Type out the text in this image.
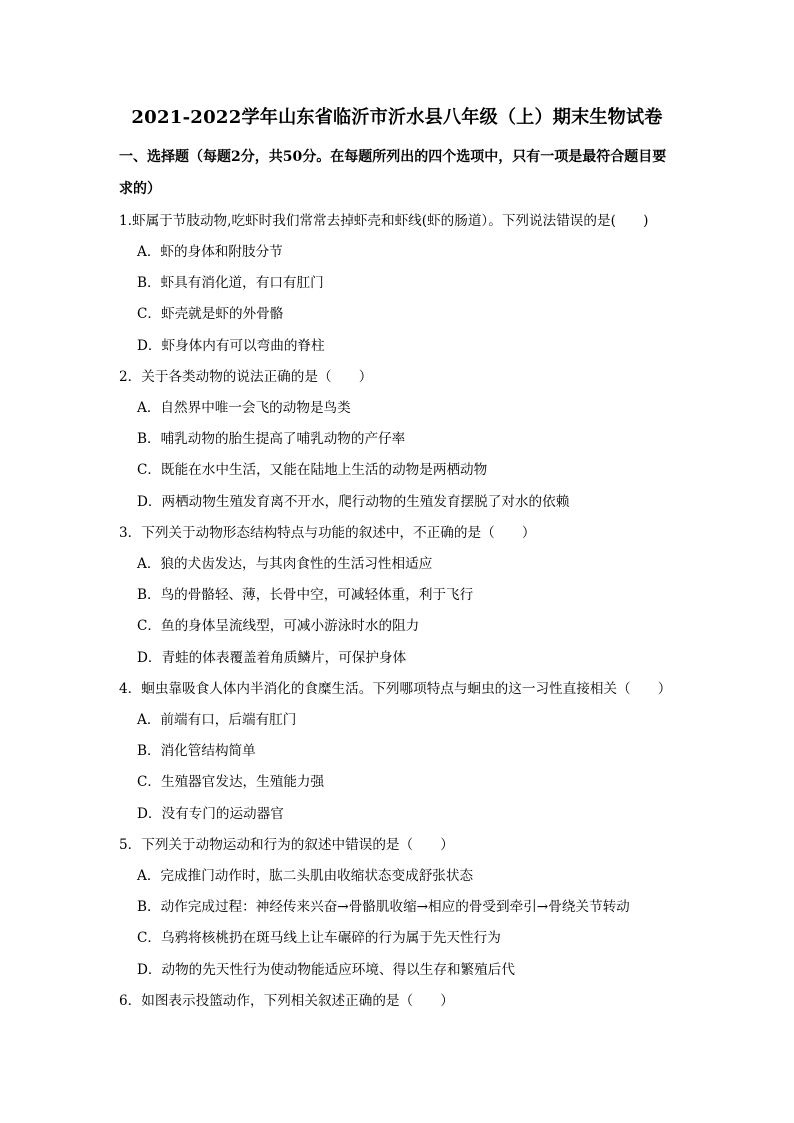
2021-2022学年山东省临沂市沂水县八年级（上）期末生物试卷
一、选择题（每题2分，共50分。在每题所列出的四个选项中，只有一项是最符合题目要
求的）
1.虾属于节肢动物,吃虾时我们常常去掉虾壳和虾线(虾的肠道）。下列说法错误的是(　　)
A．虾的身体和附肢分节
B．虾具有消化道，有口有肛门
C．虾壳就是虾的外骨骼
D．虾身体内有可以弯曲的脊柱
2．关于各类动物的说法正确的是（　　）
A．自然界中唯一会飞的动物是鸟类
B．哺乳动物的胎生提高了哺乳动物的产仔率
C．既能在水中生活，又能在陆地上生活的动物是两栖动物
D．两栖动物生殖发育离不开水，爬行动物的生殖发育摆脱了对水的依赖
3．下列关于动物形态结构特点与功能的叙述中，不正确的是（　　）
A．狼的犬齿发达，与其肉食性的生活习性相适应
B．鸟的骨骼轻、薄，长骨中空，可减轻体重，利于飞行
C．鱼的身体呈流线型，可减小游泳时水的阻力
D．青蛙的体表覆盖着角质鳞片，可保护身体
4．蛔虫靠吸食人体内半消化的食糜生活。下列哪项特点与蛔虫的这一习性直接相关（　　）
A．前端有口，后端有肛门
B．消化管结构简单
C．生殖器官发达，生殖能力强
D．没有专门的运动器官
5．下列关于动物运动和行为的叙述中错误的是（　　）
A．完成推门动作时，肱二头肌由收缩状态变成舒张状态
B．动作完成过程：神经传来兴奋→骨骼肌收缩→相应的骨受到牵引→骨绕关节转动
C．乌鸦将核桃扔在斑马线上让车碾碎的行为属于先天性行为
D．动物的先天性行为使动物能适应环境、得以生存和繁殖后代
6．如图表示投篮动作，下列相关叙述正确的是（　　）
